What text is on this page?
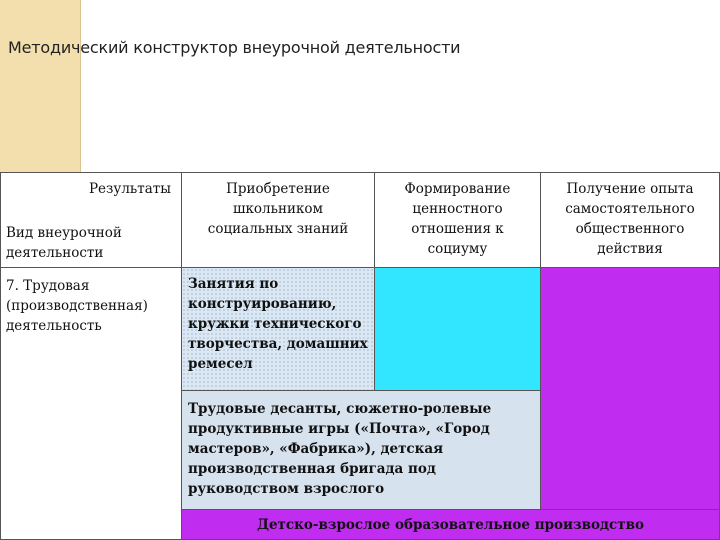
Методический конструктор внеурочной деятельности
Результаты
Вид внеурочной деятельности
Приобретение школьником социальных знаний
Формирование ценностного отношения к социуму
Получение опыта самостоятельного общественного действия
7. Трудовая (производственная) деятельность
Занятия по конструированию, кружки технического творчества, домашних ремесел
Трудовые десанты, сюжетно-ролевые продуктивные игры («Почта», «Город мастеров», «Фабрика»), детская производственная бригада под руководством взрослого
Детско-взрослое образовательное производство
